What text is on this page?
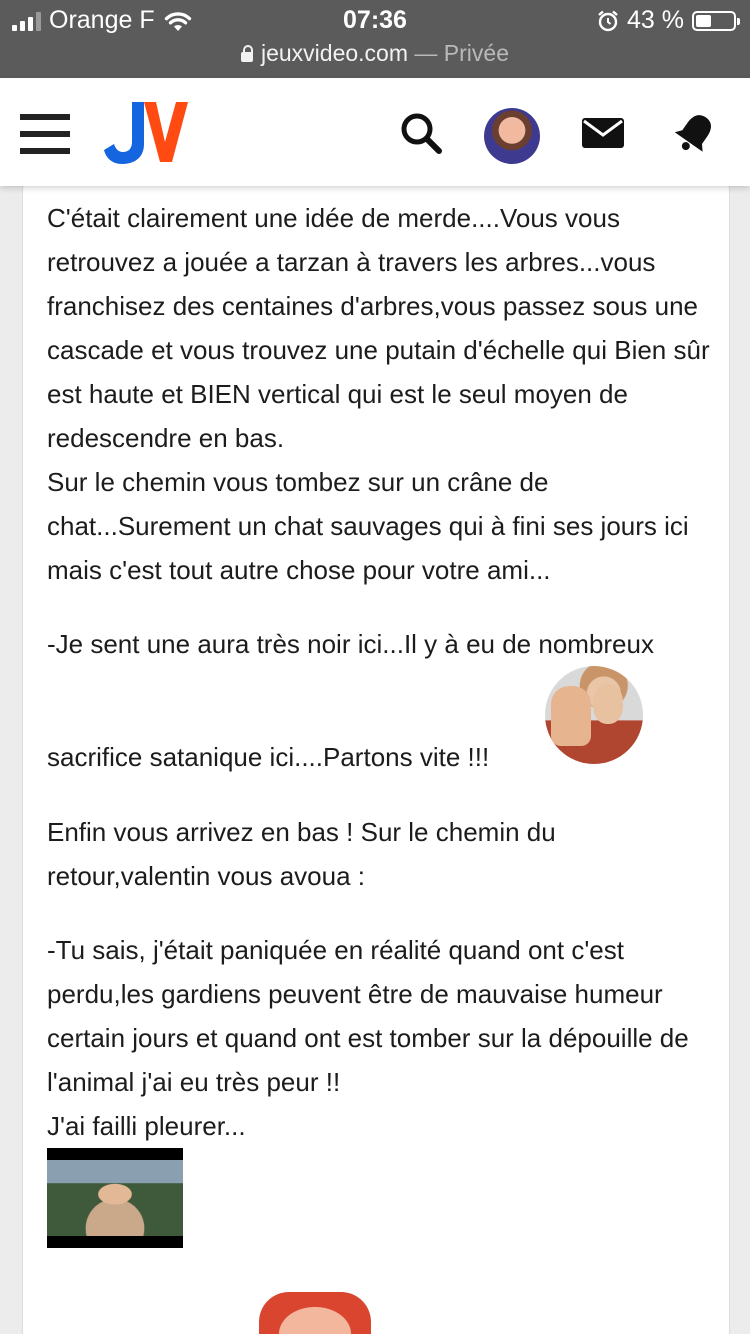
Orange F	07:36	43 %
jeuxvideo.com — Privée

C'était clairement une idée de merde....Vous vous retrouvez a jouée a tarzan à travers les arbres...vous franchisez des centaines d'arbres,vous passez sous une cascade et vous trouvez une putain d'échelle qui Bien sûr est haute et BIEN vertical qui est le seul moyen de redescendre en bas.
Sur le chemin vous tombez sur un crâne de chat...Surement un chat sauvages qui à fini ses jours ici mais c'est tout autre chose pour votre ami...

-Je sent une aura très noir ici...Il y à eu de nombreux

sacrifice satanique ici....Partons vite !!!

Enfin vous arrivez en bas ! Sur le chemin du retour,valentin vous avoua :

-Tu sais, j'était paniquée en réalité quand ont c'est perdu,les gardiens peuvent être de mauvaise humeur certain jours et quand ont est tomber sur la dépouille de l'animal j'ai eu très peur !!
J'ai failli pleurer...
